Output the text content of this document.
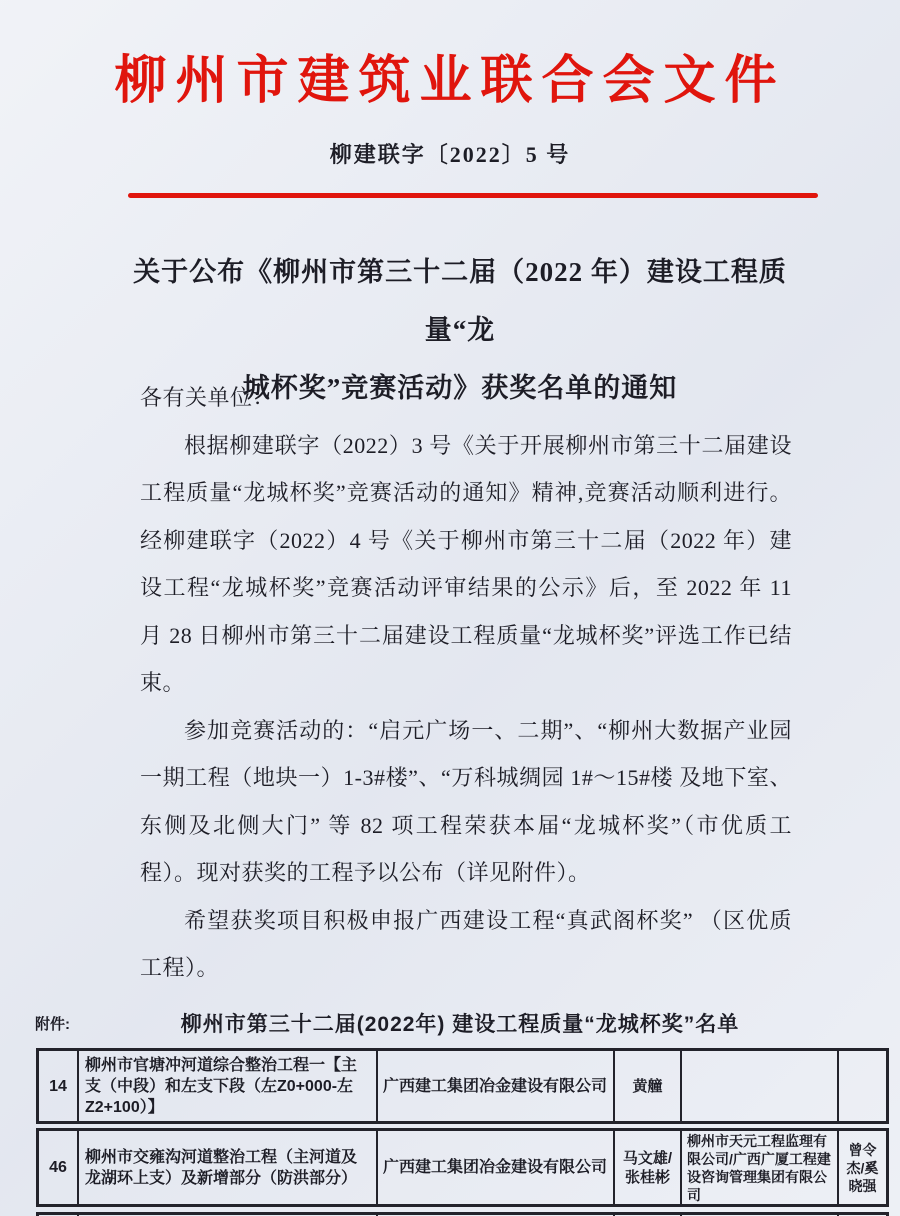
柳州市建筑业联合会文件
柳建联字〔2022〕5 号
关于公布《柳州市第三十二届（2022 年）建设工程质量“龙
城杯奖”竞赛活动》获奖名单的通知

各有关单位：

根据柳建联字（2022）3 号《关于开展柳州市第三十二届建设工程质量“龙城杯奖”竞赛活动的通知》精神,竞赛活动顺利进行。经柳建联字（2022）4 号《关于柳州市第三十二届（2022 年）建设工程“龙城杯奖”竞赛活动评审结果的公示》后，至 2022 年 11 月 28 日柳州市第三十二届建设工程质量“龙城杯奖”评选工作已结束。

参加竞赛活动的：“启元广场一、二期”、“柳州大数据产业园一期工程（地块一）1-3#楼”、“万科城绸园 1#～15#楼 及地下室、东侧及北侧大门” 等 82 项工程荣获本届“龙城杯奖”（市优质工程）。现对获奖的工程予以公布（详见附件）。

希望获奖项目积极申报广西建设工程“真武阁杯奖” （区优质工程）。

附件:	柳州市第三十二届(2022年) 建设工程质量“龙城杯奖”名单
14
柳州市官塘冲河道综合整治工程一【主支（中段）和左支下段（左Z0+000-左Z2+100）】
广西建工集团冶金建设有限公司	黄艟
46
柳州市交雍沟河道整治工程（主河道及龙湖环上支）及新增部分（防洪部分）
广西建工集团冶金建设有限公司
马文雄/张桂彬
柳州市天元工程监理有限公司/广西广厦工程建设咨询管理集团有限公司
曾令杰/奚晓强
